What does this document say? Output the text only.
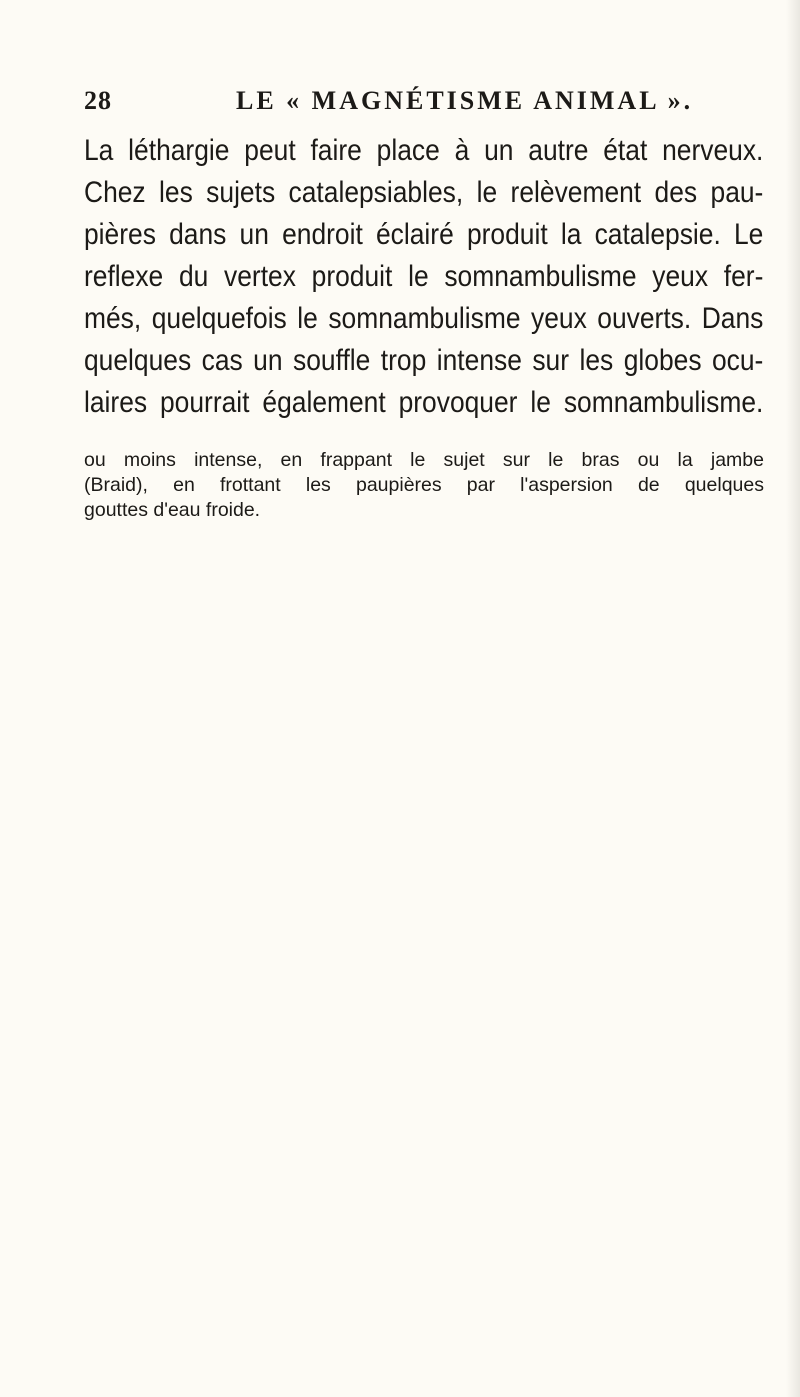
28	LE « MAGNÉTISME ANIMAL ».
La léthargie peut faire place à un autre état nerveux.
Chez les sujets catalepsiables, le relèvement des pau-
pières dans un endroit éclairé produit la catalepsie. Le
reflexe du vertex produit le somnambulisme yeux fer-
més, quelquefois le somnambulisme yeux ouverts. Dans
quelques cas un souffle trop intense sur les globes ocu-
laires pourrait également provoquer le somnambulisme.
ou moins intense, en frappant le sujet sur le bras ou la jambe
(Braid), en frottant les paupières par l'aspersion de quelques
gouttes d'eau froide.
